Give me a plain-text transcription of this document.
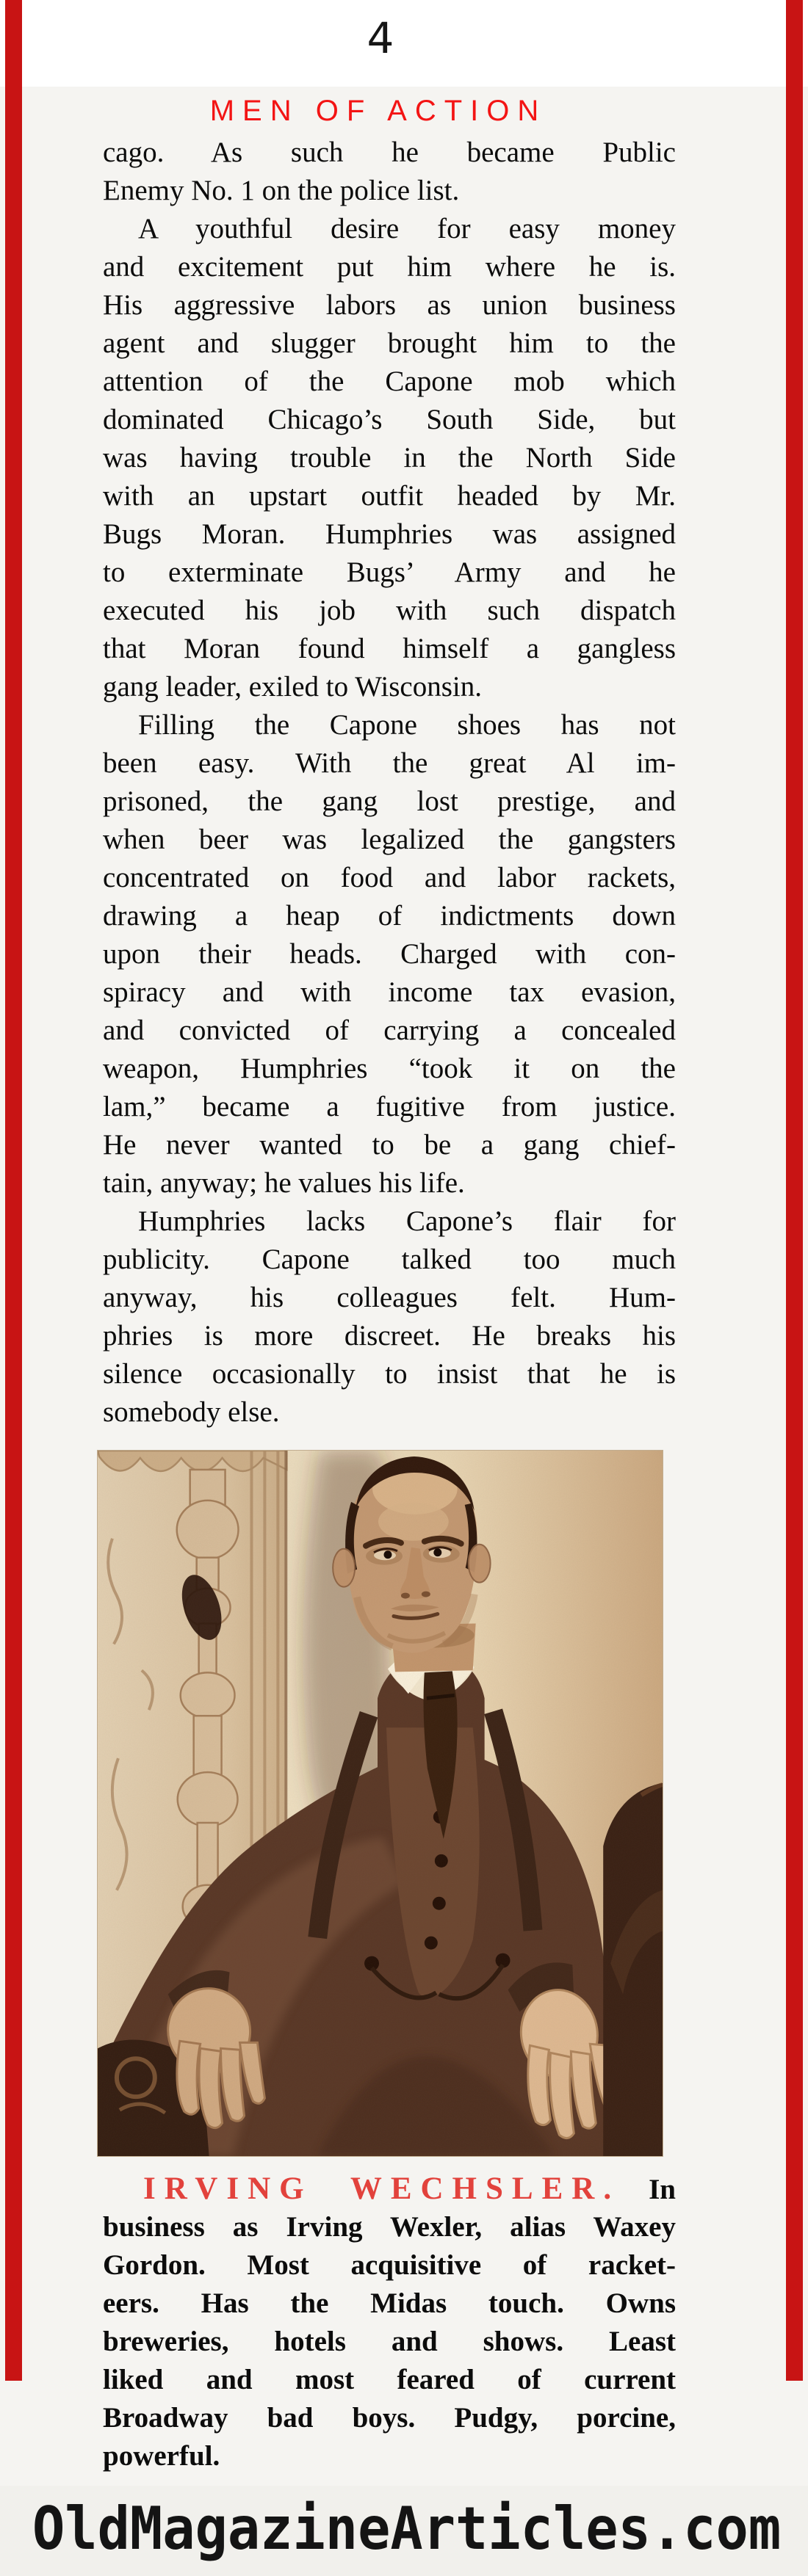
4
MEN OF ACTION
cago. As such he became Public
Enemy No. 1 on the police list.
A youthful desire for easy money
and excitement put him where he is.
His aggressive labors as union business
agent and slugger brought him to the
attention of the Capone mob which
dominated Chicago’s South Side, but
was having trouble in the North Side
with an upstart outfit headed by Mr.
Bugs Moran. Humphries was assigned
to exterminate Bugs’ Army and he
executed his job with such dispatch
that Moran found himself a gangless
gang leader, exiled to Wisconsin.
Filling the Capone shoes has not
been easy. With the great Al im-
prisoned, the gang lost prestige, and
when beer was legalized the gangsters
concentrated on food and labor rackets,
drawing a heap of indictments down
upon their heads. Charged with con-
spiracy and with income tax evasion,
and convicted of carrying a concealed
weapon, Humphries “took it on the
lam,” became a fugitive from justice.
He never wanted to be a gang chief-
tain, anyway; he values his life.
Humphries lacks Capone’s flair for
publicity. Capone talked too much
anyway, his colleagues felt. Hum-
phries is more discreet. He breaks his
silence occasionally to insist that he is
somebody else.
IRVING WECHSLER. In
business as Irving Wexler, alias Waxey
Gordon. Most acquisitive of racket-
eers. Has the Midas touch. Owns
breweries, hotels and shows. Least
liked and most feared of current
Broadway bad boys. Pudgy, porcine,
powerful.
OldMagazineArticles.com
